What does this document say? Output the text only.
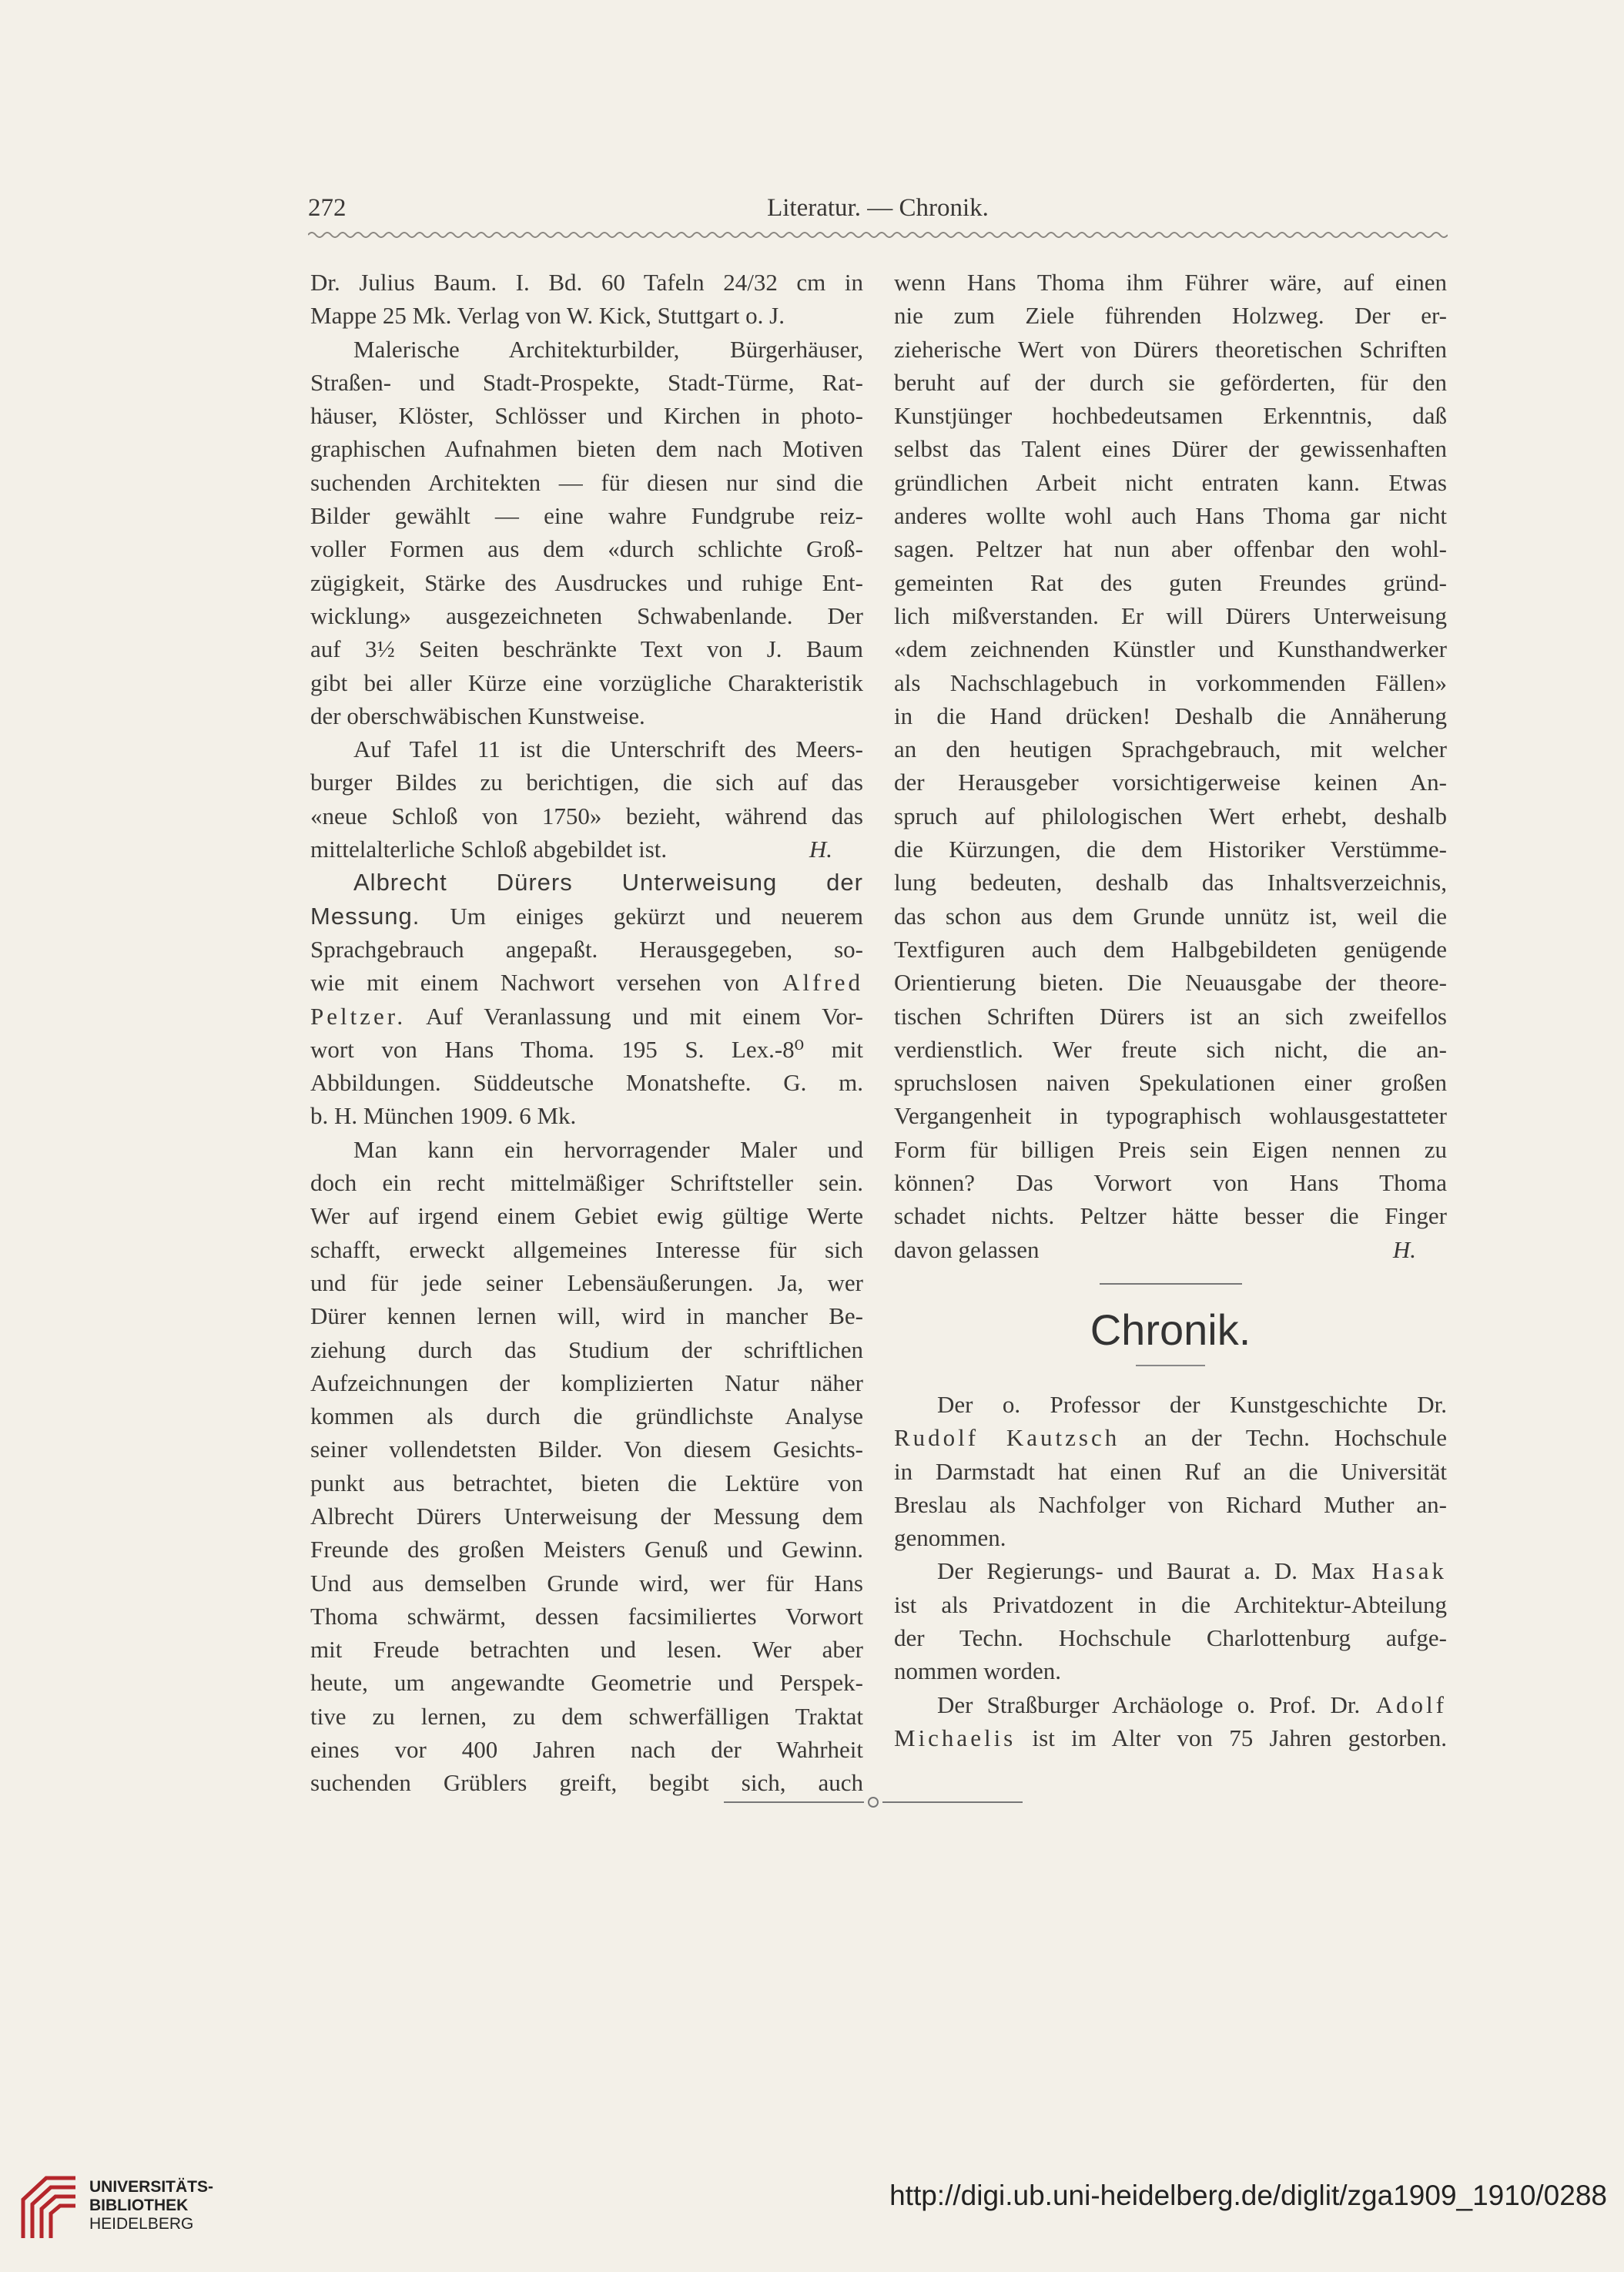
272	Literatur. — Chronik.
Dr. Julius Baum. I. Bd. 60 Tafeln 24/32 cm in
Mappe 25 Mk. Verlag von W. Kick, Stuttgart o. J.
Malerische Architekturbilder, Bürgerhäuser,
Straßen- und Stadt-Prospekte, Stadt-Türme, Rat-
häuser, Klöster, Schlösser und Kirchen in photo-
graphischen Aufnahmen bieten dem nach Motiven
suchenden Architekten — für diesen nur sind die
Bilder gewählt — eine wahre Fundgrube reiz-
voller Formen aus dem «durch schlichte Groß-
zügigkeit, Stärke des Ausdruckes und ruhige Ent-
wicklung» ausgezeichneten Schwabenlande. Der
auf 3½ Seiten beschränkte Text von J. Baum
gibt bei aller Kürze eine vorzügliche Charakteristik
der oberschwäbischen Kunstweise.
Auf Tafel 11 ist die Unterschrift des Meers-
burger Bildes zu berichtigen, die sich auf das
«neue Schloß von 1750» bezieht, während das
mittelalterliche Schloß abgebildet ist.	H.
Albrecht Dürers Unterweisung der
Messung. Um einiges gekürzt und neuerem
Sprachgebrauch angepaßt. Herausgegeben, so-
wie mit einem Nachwort versehen von Alfred
Peltzer. Auf Veranlassung und mit einem Vor-
wort von Hans Thoma. 195 S. Lex.-8⁰ mit
Abbildungen. Süddeutsche Monatshefte. G. m.
b. H. München 1909. 6 Mk.
Man kann ein hervorragender Maler und
doch ein recht mittelmäßiger Schriftsteller sein.
Wer auf irgend einem Gebiet ewig gültige Werte
schafft, erweckt allgemeines Interesse für sich
und für jede seiner Lebensäußerungen. Ja, wer
Dürer kennen lernen will, wird in mancher Be-
ziehung durch das Studium der schriftlichen
Aufzeichnungen der komplizierten Natur näher
kommen als durch die gründlichste Analyse
seiner vollendetsten Bilder. Von diesem Gesichts-
punkt aus betrachtet, bieten die Lektüre von
Albrecht Dürers Unterweisung der Messung dem
Freunde des großen Meisters Genuß und Gewinn.
Und aus demselben Grunde wird, wer für Hans
Thoma schwärmt, dessen facsimiliertes Vorwort
mit Freude betrachten und lesen. Wer aber
heute, um angewandte Geometrie und Perspek-
tive zu lernen, zu dem schwerfälligen Traktat
eines vor 400 Jahren nach der Wahrheit
suchenden Grüblers greift, begibt sich, auch
wenn Hans Thoma ihm Führer wäre, auf einen
nie zum Ziele führenden Holzweg. Der er-
zieherische Wert von Dürers theoretischen Schriften
beruht auf der durch sie geförderten, für den
Kunstjünger hochbedeutsamen Erkenntnis, daß
selbst das Talent eines Dürer der gewissenhaften
gründlichen Arbeit nicht entraten kann. Etwas
anderes wollte wohl auch Hans Thoma gar nicht
sagen. Peltzer hat nun aber offenbar den wohl-
gemeinten Rat des guten Freundes gründ-
lich mißverstanden. Er will Dürers Unterweisung
«dem zeichnenden Künstler und Kunsthandwerker
als Nachschlagebuch in vorkommenden Fällen»
in die Hand drücken! Deshalb die Annäherung
an den heutigen Sprachgebrauch, mit welcher
der Herausgeber vorsichtigerweise keinen An-
spruch auf philologischen Wert erhebt, deshalb
die Kürzungen, die dem Historiker Verstümme-
lung bedeuten, deshalb das Inhaltsverzeichnis,
das schon aus dem Grunde unnütz ist, weil die
Textfiguren auch dem Halbgebildeten genügende
Orientierung bieten. Die Neuausgabe der theore-
tischen Schriften Dürers ist an sich zweifellos
verdienstlich. Wer freute sich nicht, die an-
spruchslosen naiven Spekulationen einer großen
Vergangenheit in typographisch wohlausgestatteter
Form für billigen Preis sein Eigen nennen zu
können? Das Vorwort von Hans Thoma
schadet nichts. Peltzer hätte besser die Finger
davon gelassen	H.
Chronik.
Der o. Professor der Kunstgeschichte Dr.
Rudolf Kautzsch an der Techn. Hochschule
in Darmstadt hat einen Ruf an die Universität
Breslau als Nachfolger von Richard Muther an-
genommen.
Der Regierungs- und Baurat a. D. Max Hasak
ist als Privatdozent in die Architektur-Abteilung
der Techn. Hochschule Charlottenburg aufge-
nommen worden.
Der Straßburger Archäologe o. Prof. Dr. Adolf
Michaelis ist im Alter von 75 Jahren gestorben.
UNIVERSITÄTS-
BIBLIOTHEK
HEIDELBERG
http://digi.ub.uni-heidelberg.de/diglit/zga1909_1910/0288
